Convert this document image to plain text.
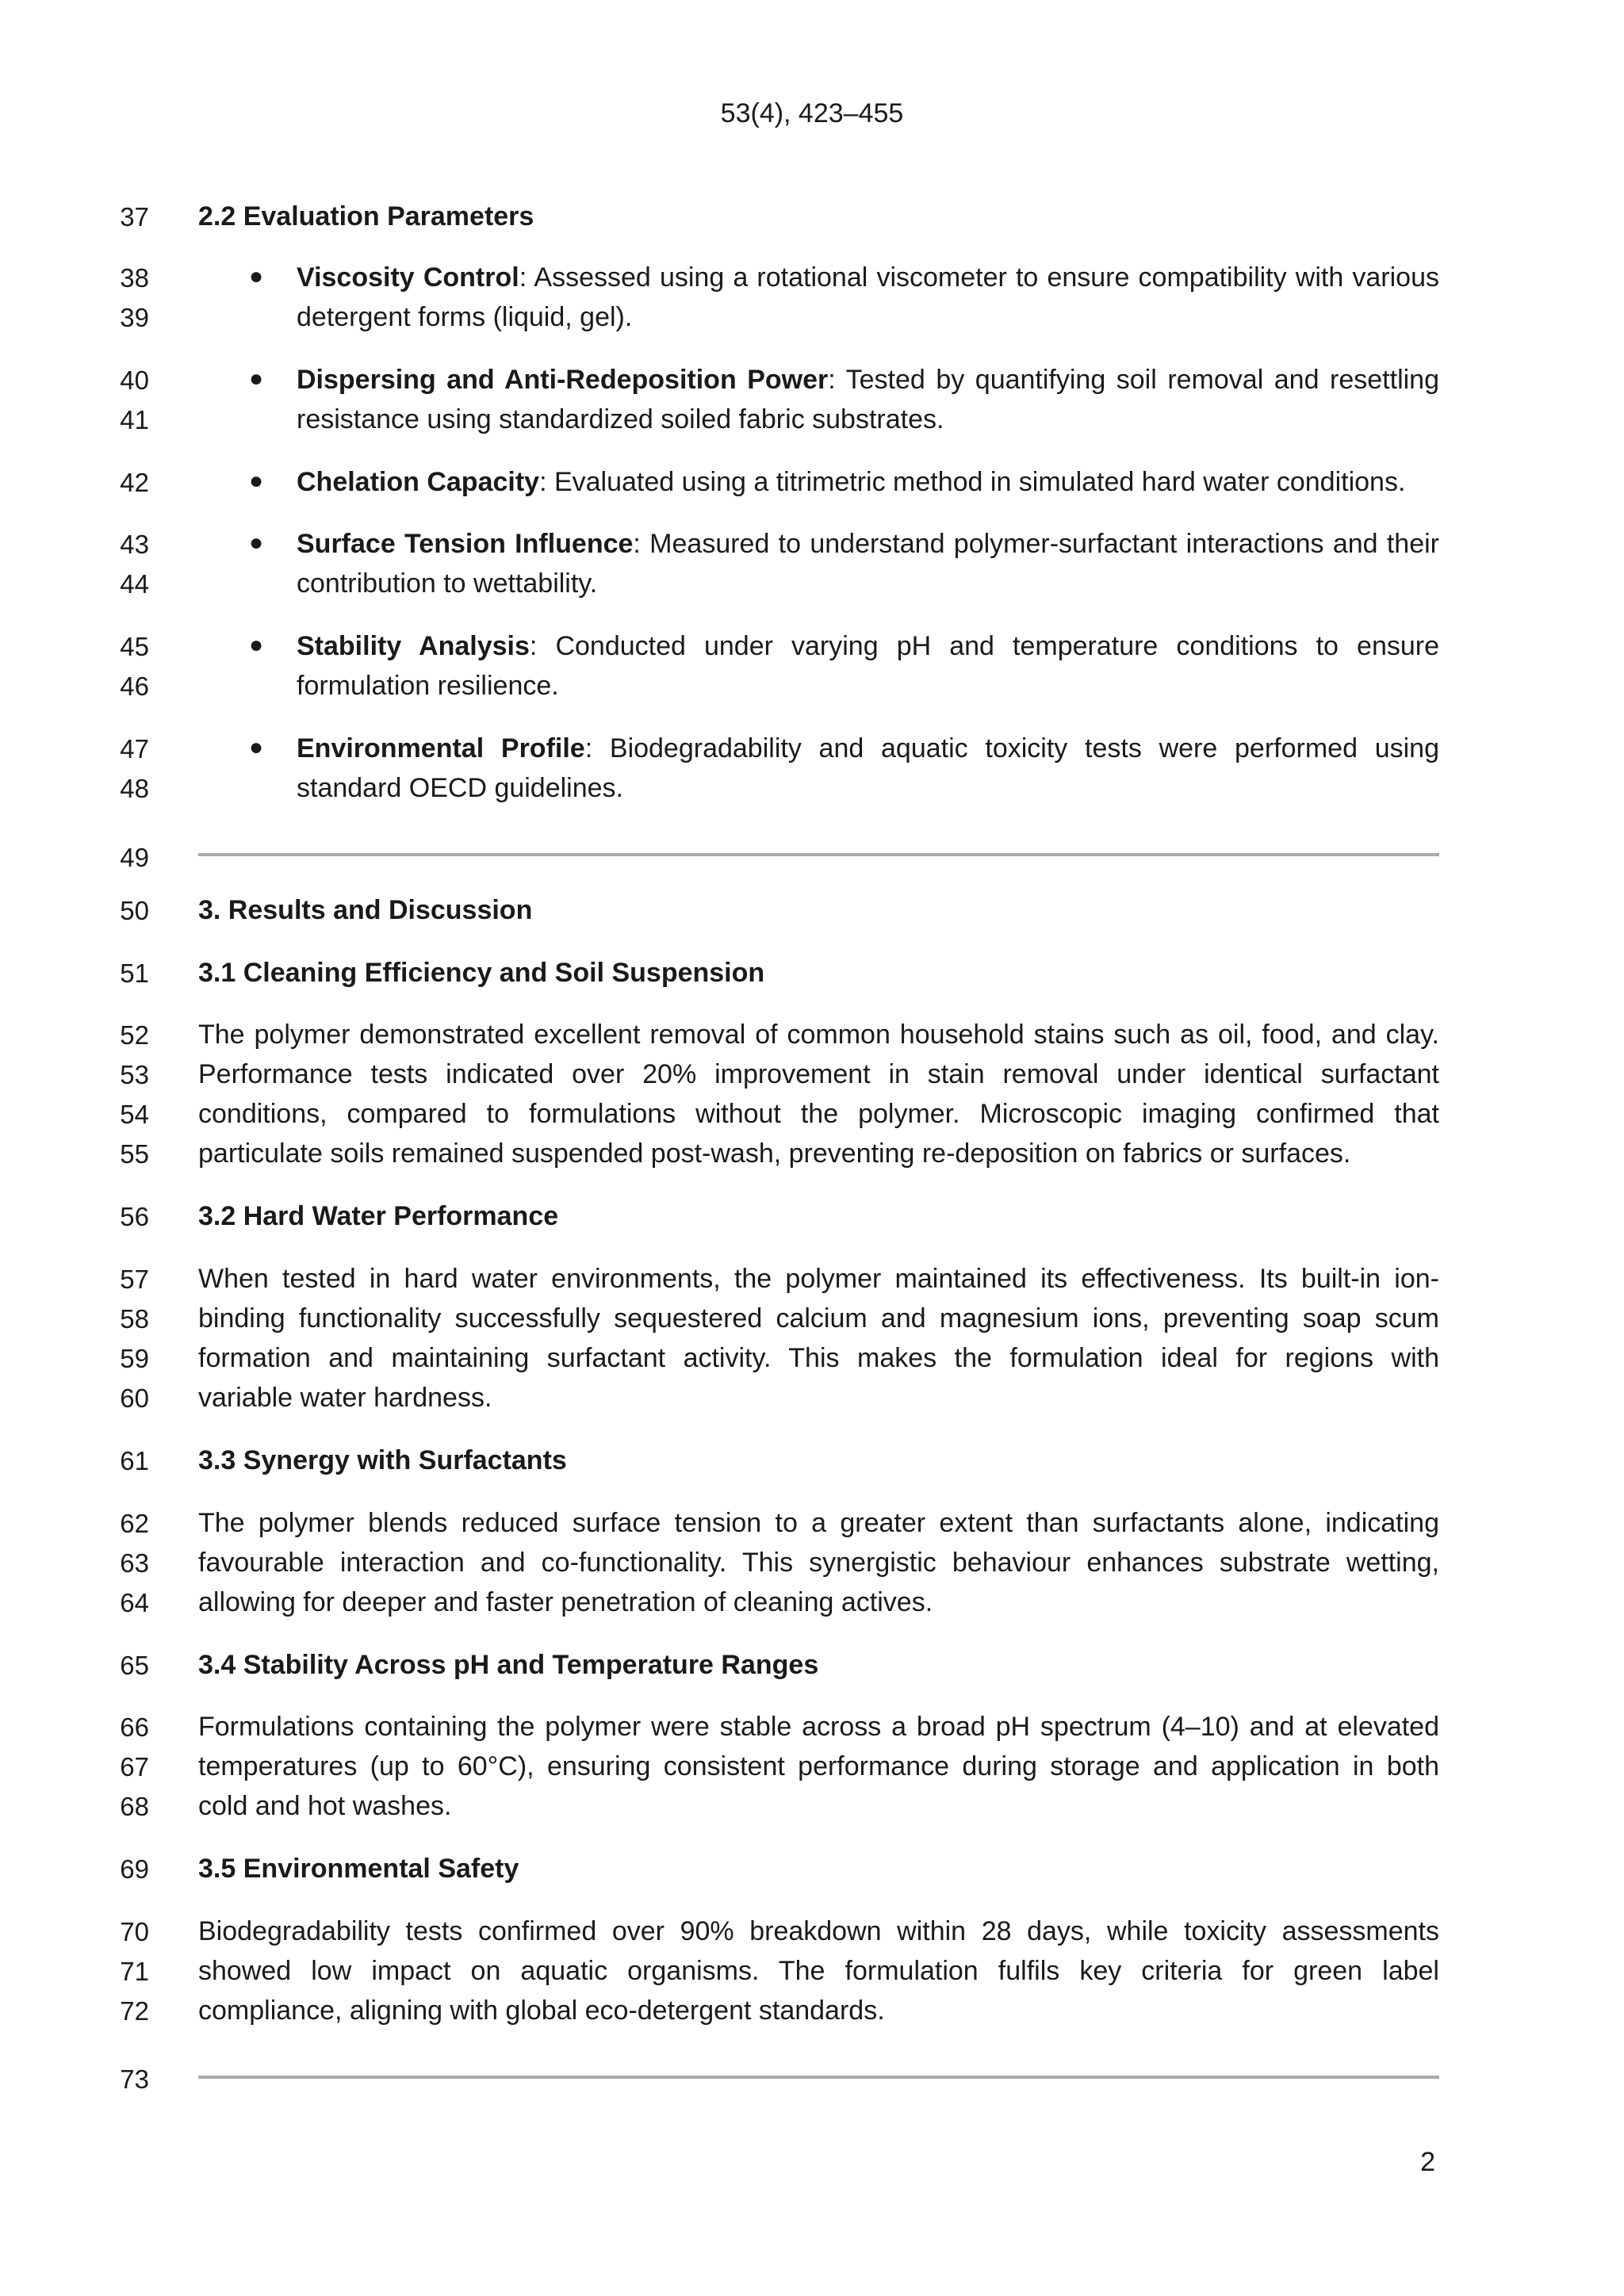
53(4), 423–455
37
38
39
40
41
42
43
44
45
46
47
48
49
50
51
52
53
54
55
56
57
58
59
60
61
62
63
64
65
66
67
68
69
70
71
72
73
2.2 Evaluation Parameters
● Viscosity Control: Assessed using a rotational viscometer to ensure compatibility with various
detergent forms (liquid, gel).
● Dispersing and Anti-Redeposition Power: Tested by quantifying soil removal and resettling
resistance using standardized soiled fabric substrates.
● Chelation Capacity: Evaluated using a titrimetric method in simulated hard water conditions.
● Surface Tension Influence: Measured to understand polymer-surfactant interactions and their
contribution to wettability.
● Stability Analysis: Conducted under varying pH and temperature conditions to ensure
formulation resilience.
● Environmental Profile: Biodegradability and aquatic toxicity tests were performed using
standard OECD guidelines.
3. Results and Discussion
3.1 Cleaning Efficiency and Soil Suspension
The polymer demonstrated excellent removal of common household stains such as oil, food, and clay.
Performance tests indicated over 20% improvement in stain removal under identical surfactant
conditions, compared to formulations without the polymer. Microscopic imaging confirmed that
particulate soils remained suspended post-wash, preventing re-deposition on fabrics or surfaces.
3.2 Hard Water Performance
When tested in hard water environments, the polymer maintained its effectiveness. Its built-in ion-
binding functionality successfully sequestered calcium and magnesium ions, preventing soap scum
formation and maintaining surfactant activity. This makes the formulation ideal for regions with
variable water hardness.
3.3 Synergy with Surfactants
The polymer blends reduced surface tension to a greater extent than surfactants alone, indicating
favourable interaction and co-functionality. This synergistic behaviour enhances substrate wetting,
allowing for deeper and faster penetration of cleaning actives.
3.4 Stability Across pH and Temperature Ranges
Formulations containing the polymer were stable across a broad pH spectrum (4–10) and at elevated
temperatures (up to 60°C), ensuring consistent performance during storage and application in both
cold and hot washes.
3.5 Environmental Safety
Biodegradability tests confirmed over 90% breakdown within 28 days, while toxicity assessments
showed low impact on aquatic organisms. The formulation fulfils key criteria for green label
compliance, aligning with global eco-detergent standards.
2
